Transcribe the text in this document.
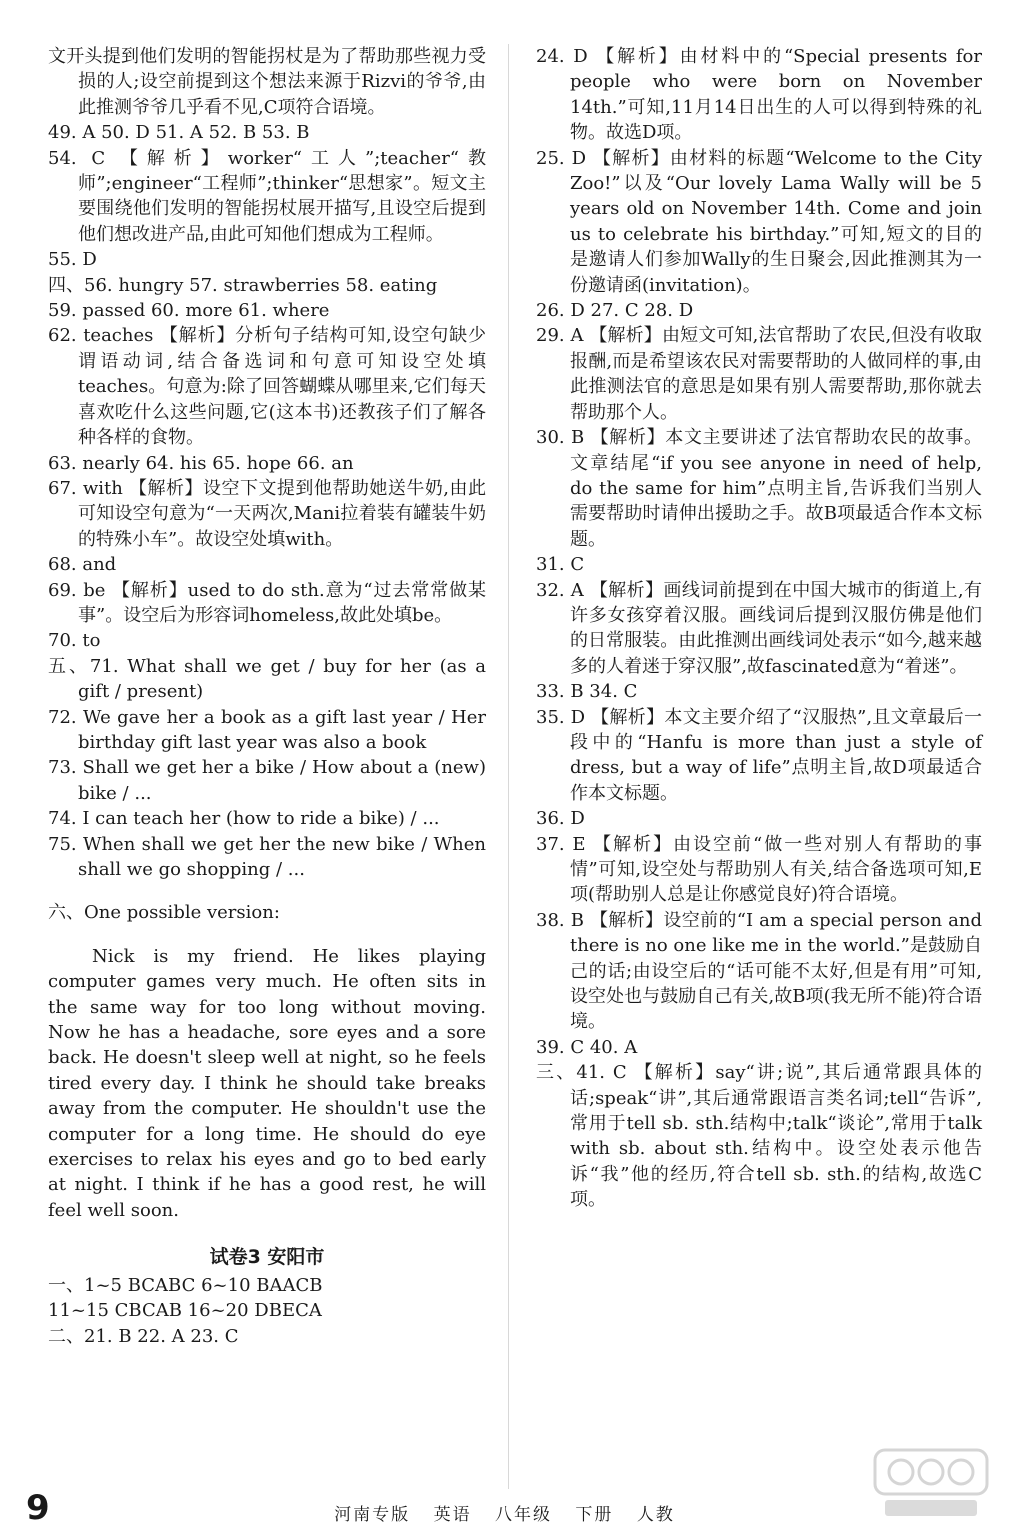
文开头提到他们发明的智能拐杖是为了帮助那些视力受损的人;设空前提到这个想法来源于Rizvi的爷爷,由此推测爷爷几乎看不见,C项符合语境。

49. A 50. D 51. A 52. B 53. B

54. C 【解析】worker“工人”;teacher“教师”;engineer“工程师”;thinker“思想家”。短文主要围绕他们发明的智能拐杖展开描写,且设空后提到他们想改进产品,由此可知他们想成为工程师。

55. D

四、56. hungry 57. strawberries 58. eating

59. passed 60. more 61. where

62. teaches 【解析】分析句子结构可知,设空句缺少谓语动词,结合备选词和句意可知设空处填teaches。句意为:除了回答蝴蝶从哪里来,它们每天喜欢吃什么这些问题,它(这本书)还教孩子们了解各种各样的食物。

63. nearly 64. his 65. hope 66. an

67. with 【解析】设空下文提到他帮助她送牛奶,由此可知设空句意为“一天两次,Mani拉着装有罐装牛奶的特殊小车”。故设空处填with。

68. and

69. be 【解析】used to do sth.意为“过去常常做某事”。设空后为形容词homeless,故此处填be。

70. to

五、71. What shall we get / buy for her (as a gift / present)

72. We gave her a book as a gift last year / Her birthday gift last year was also a book

73. Shall we get her a bike / How about a (new) bike / ...

74. I can teach her (how to ride a bike) / ...

75. When shall we get her the new bike / When shall we go shopping / ...

六、One possible version:

Nick is my friend. He likes playing computer games very much. He often sits in the same way for too long without moving. Now he has a headache, sore eyes and a sore back. He doesn't sleep well at night, so he feels tired every day. I think he should take breaks away from the computer. He shouldn't use the computer for a long time. He should do eye exercises to relax his eyes and go to bed early at night. I think if he has a good rest, he will feel well soon.

试卷3 安阳市

一、1~5 BCABC 6~10 BAACB

11~15 CBCAB 16~20 DBECA

二、21. B 22. A 23. C

24. D 【解析】由材料中的“Special presents for people who were born on November 14th.”可知,11月14日出生的人可以得到特殊的礼物。故选D项。

25. D 【解析】由材料的标题“Welcome to the City Zoo!”以及“Our lovely Lama Wally will be 5 years old on November 14th. Come and join us to celebrate his birthday.”可知,短文的目的是邀请人们参加Wally的生日聚会,因此推测其为一份邀请函(invitation)。

26. D 27. C 28. D

29. A 【解析】由短文可知,法官帮助了农民,但没有收取报酬,而是希望该农民对需要帮助的人做同样的事,由此推测法官的意思是如果有别人需要帮助,那你就去帮助那个人。

30. B 【解析】本文主要讲述了法官帮助农民的故事。文章结尾“if you see anyone in need of help, do the same for him”点明主旨,告诉我们当别人需要帮助时请伸出援助之手。故B项最适合作本文标题。

31. C

32. A 【解析】画线词前提到在中国大城市的街道上,有许多女孩穿着汉服。画线词后提到汉服仿佛是他们的日常服装。由此推测出画线词处表示“如今,越来越多的人着迷于穿汉服”,故fascinated意为“着迷”。

33. B 34. C

35. D 【解析】本文主要介绍了“汉服热”,且文章最后一段中的“Hanfu is more than just a style of dress, but a way of life”点明主旨,故D项最适合作本文标题。

36. D

37. E 【解析】由设空前“做一些对别人有帮助的事情”可知,设空处与帮助别人有关,结合备选项可知,E项(帮助别人总是让你感觉良好)符合语境。

38. B 【解析】设空前的“I am a special person and there is no one like me in the world.”是鼓励自己的话;由设空后的“话可能不太好,但是有用”可知,设空处也与鼓励自己有关,故B项(我无所不能)符合语境。

39. C 40. A

三、41. C 【解析】say“讲;说”,其后通常跟具体的话;speak“讲”,其后通常跟语言类名词;tell“告诉”,常用于tell sb. sth.结构中;talk“谈论”,常用于talk with sb. about sth.结构中。设空处表示他告诉“我”他的经历,符合tell sb. sth.的结构,故选C项。

9	河南专版 英语 八年级 下册 人教
